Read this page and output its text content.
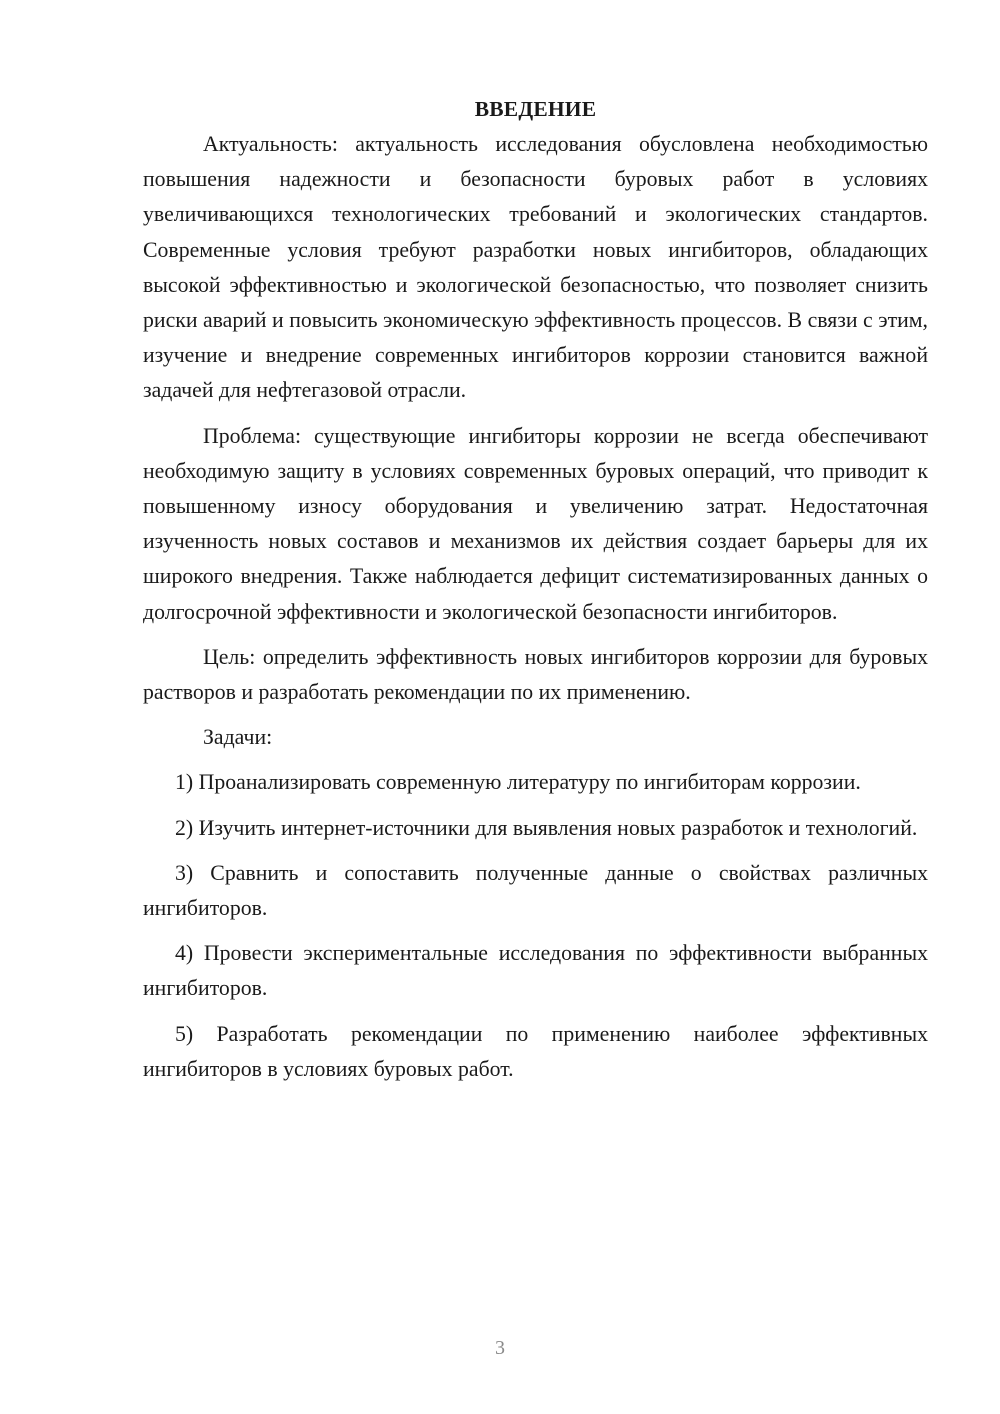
ВВЕДЕНИЕ

Актуальность: актуальность исследования обусловлена необходимостью повышения надежности и безопасности буровых работ в условиях увеличивающихся технологических требований и экологических стандартов. Современные условия требуют разработки новых ингибиторов, обладающих высокой эффективностью и экологической безопасностью, что позволяет снизить риски аварий и повысить экономическую эффективность процессов. В связи с этим, изучение и внедрение современных ингибиторов коррозии становится важной задачей для нефтегазовой отрасли.

Проблема: существующие ингибиторы коррозии не всегда обеспечивают необходимую защиту в условиях современных буровых операций, что приводит к повышенному износу оборудования и увеличению затрат. Недостаточная изученность новых составов и механизмов их действия создает барьеры для их широкого внедрения. Также наблюдается дефицит систематизированных данных о долгосрочной эффективности и экологической безопасности ингибиторов.

Цель: определить эффективность новых ингибиторов коррозии для буровых растворов и разработать рекомендации по их применению.

Задачи:

1) Проанализировать современную литературу по ингибиторам коррозии.

2) Изучить интернет-источники для выявления новых разработок и технологий.

3) Сравнить и сопоставить полученные данные о свойствах различных ингибиторов.

4) Провести экспериментальные исследования по эффективности выбранных ингибиторов.

5) Разработать рекомендации по применению наиболее эффективных ингибиторов в условиях буровых работ.

3
